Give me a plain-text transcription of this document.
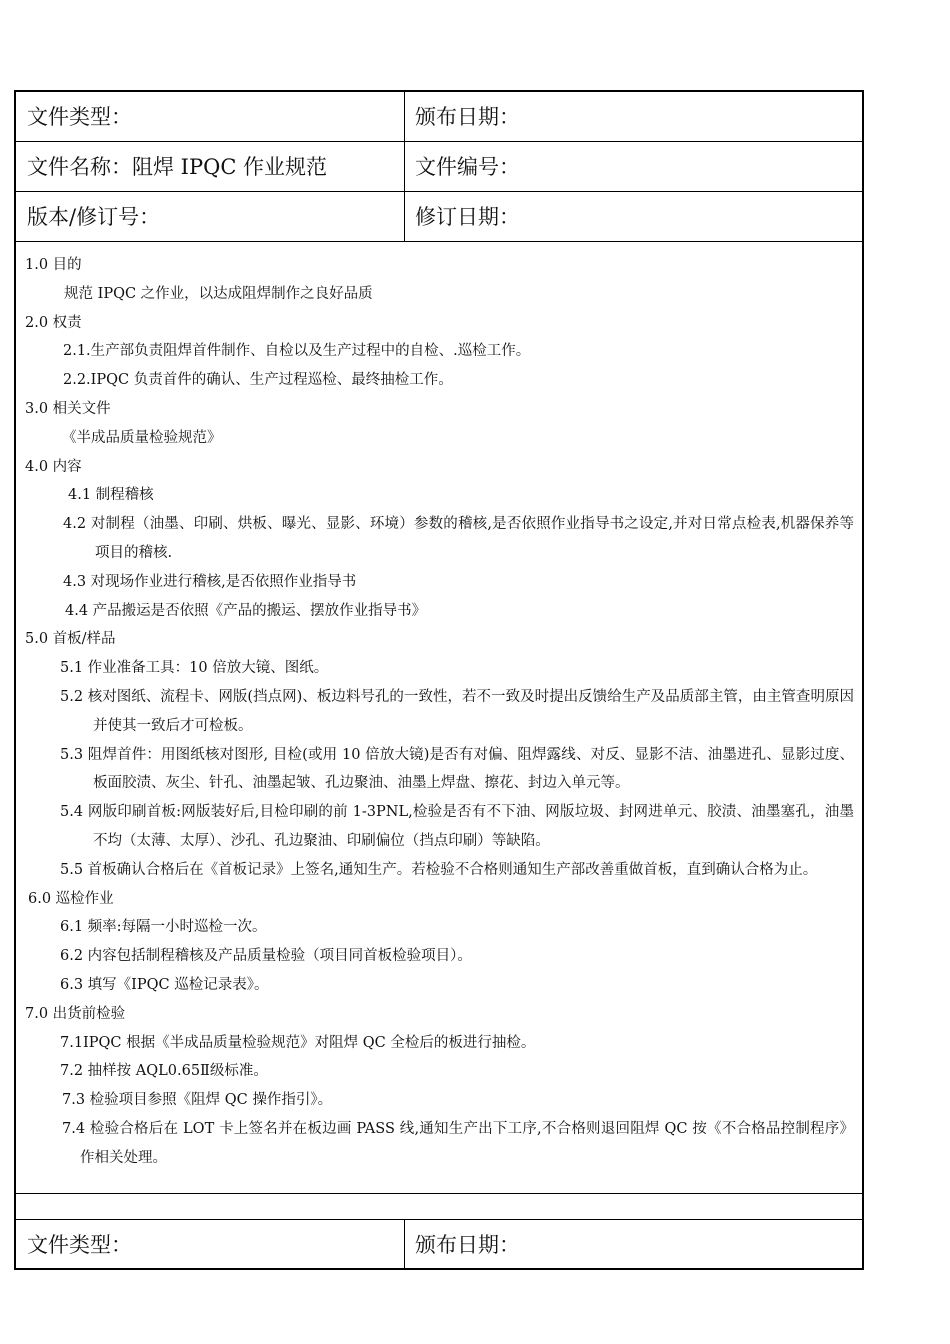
文件类型：	颁布日期：
文件名称：阻焊 IPQC 作业规范	文件编号：
版本/修订号：	修订日期：
1.0 目的
规范 IPQC 之作业，以达成阻焊制作之良好品质
2.0 权责
2.1.生产部负责阻焊首件制作、自检以及生产过程中的自检、.巡检工作。
2.2.IPQC 负责首件的确认、生产过程巡检、最终抽检工作。
3.0 相关文件
《半成品质量检验规范》
4.0 内容
4.1 制程稽核
4.2 对制程（油墨、印刷、烘板、曝光、显影、环境）参数的稽核,是否依照作业指导书之设定,并对日常点检表,机器保养等项目的稽核.
4.3 对现场作业进行稽核,是否依照作业指导书
4.4 产品搬运是否依照《产品的搬运、摆放作业指导书》
5.0 首板/样品
5.1 作业准备工具：10 倍放大镜、图纸。
5.2 核对图纸、流程卡、网版(挡点网)、板边料号孔的一致性，若不一致及时提出反馈给生产及品质部主管，由主管查明原因并使其一致后才可检板。
5.3 阻焊首件：用图纸核对图形, 目检(或用 10 倍放大镜)是否有对偏、阻焊露线、对反、显影不洁、油墨进孔、显影过度、板面胶渍、灰尘、针孔、油墨起皱、孔边聚油、油墨上焊盘、擦花、封边入单元等。
5.4 网版印刷首板:网版装好后,目检印刷的前 1-3PNL,检验是否有不下油、网版垃圾、封网进单元、胶渍、油墨塞孔，油墨不均（太薄、太厚）、沙孔、孔边聚油、印刷偏位（挡点印刷）等缺陷。
5.5 首板确认合格后在《首板记录》上签名,通知生产。若检验不合格则通知生产部改善重做首板，直到确认合格为止。
6.0 巡检作业
6.1 频率:每隔一小时巡检一次。
6.2 内容包括制程稽核及产品质量检验（项目同首板检验项目）。
6.3 填写《IPQC 巡检记录表》。
7.0 出货前检验
7.1IPQC 根据《半成品质量检验规范》对阻焊 QC 全检后的板进行抽检。
7.2 抽样按 AQL0.65Ⅱ级标准。
7.3 检验项目参照《阻焊 QC 操作指引》。
7.4 检验合格后在 LOT 卡上签名并在板边画 PASS 线,通知生产出下工序,不合格则退回阻焊 QC 按《不合格品控制程序》作相关处理。
文件类型：	颁布日期：
